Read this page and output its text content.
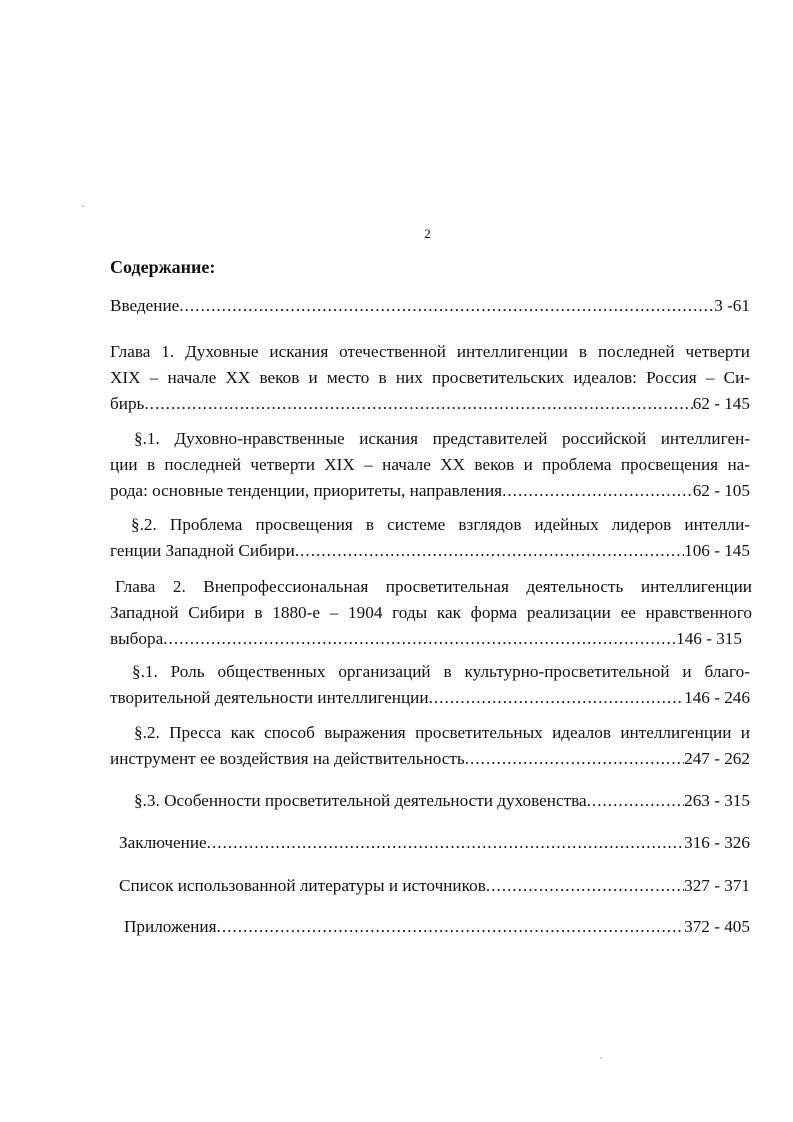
2
Содержание:
Введение .....	3 -61
Глава 1. Духовные искания отечественной интеллигенции в последней четверти
XIX – начале XX веков и место в них просветительских идеалов: Россия – Си-
бирь .....	62 - 145
§.1. Духовно-нравственные искания представителей российской интеллиген-
ции в последней четверти XIX – начале XX веков и проблема просвещения на-
рода: основные тенденции, приоритеты, направления .....	62 - 105
§.2. Проблема просвещения в системе взглядов идейных лидеров интелли-
генции Западной Сибири .....	106 - 145
Глава 2. Внепрофессиональная просветительная деятельность интеллигенции
Западной Сибири в 1880-е – 1904 годы как форма реализации ее нравственного
выбора .....	146 - 315
§.1. Роль общественных организаций в культурно-просветительной и благо-
творительной деятельности интеллигенции .....	146 - 246
§.2. Пресса как способ выражения просветительных идеалов интеллигенции и
инструмент ее воздействия на действительность .....	247 - 262
§.3. Особенности просветительной деятельности духовенства .....	263 - 315
Заключение .....	316 - 326
Список использованной литературы и источников .....	327 - 371
Приложения .....	372 - 405
